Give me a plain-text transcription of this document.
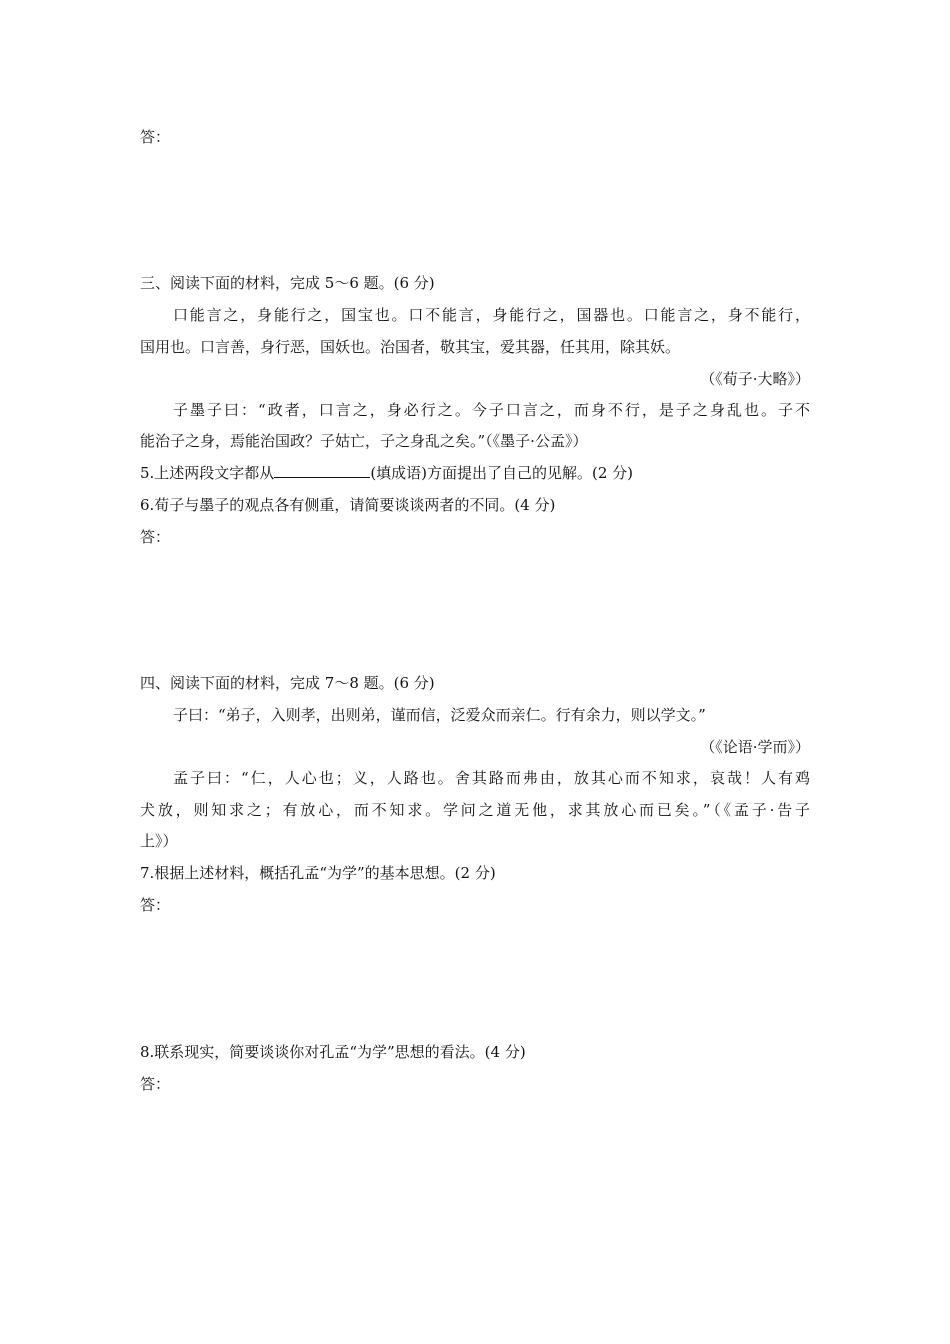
答：
三、阅读下面的材料，完成 5～6 题。(6 分)
口能言之，身能行之，国宝也。口不能言，身能行之，国器也。口能言之，身不能行，
国用也。口言善，身行恶，国妖也。治国者，敬其宝，爱其器，任其用，除其妖。
（《荀子·大略》）
子墨子曰：“政者，口言之，身必行之。今子口言之，而身不行，是子之身乱也。子不
能治子之身，焉能治国政？子姑亡，子之身乱之矣。”（《墨子·公孟》）
5.上述两段文字都从	(填成语)方面提出了自己的见解。(2 分)
6.荀子与墨子的观点各有侧重，请简要谈谈两者的不同。(4 分)
答：
四、阅读下面的材料，完成 7～8 题。(6 分)
子曰：“弟子，入则孝，出则弟，谨而信，泛爱众而亲仁。行有余力，则以学文。”
（《论语·学而》）
孟子曰：“仁，人心也；义，人路也。舍其路而弗由，放其心而不知求，哀哉！人有鸡
犬放，则知求之；有放心，而不知求。学问之道无他，求其放心而已矣。”（《孟子·告子
上》）
7.根据上述材料，概括孔孟“为学”的基本思想。(2 分)
答：
8.联系现实，简要谈谈你对孔孟“为学”思想的看法。(4 分)
答：
